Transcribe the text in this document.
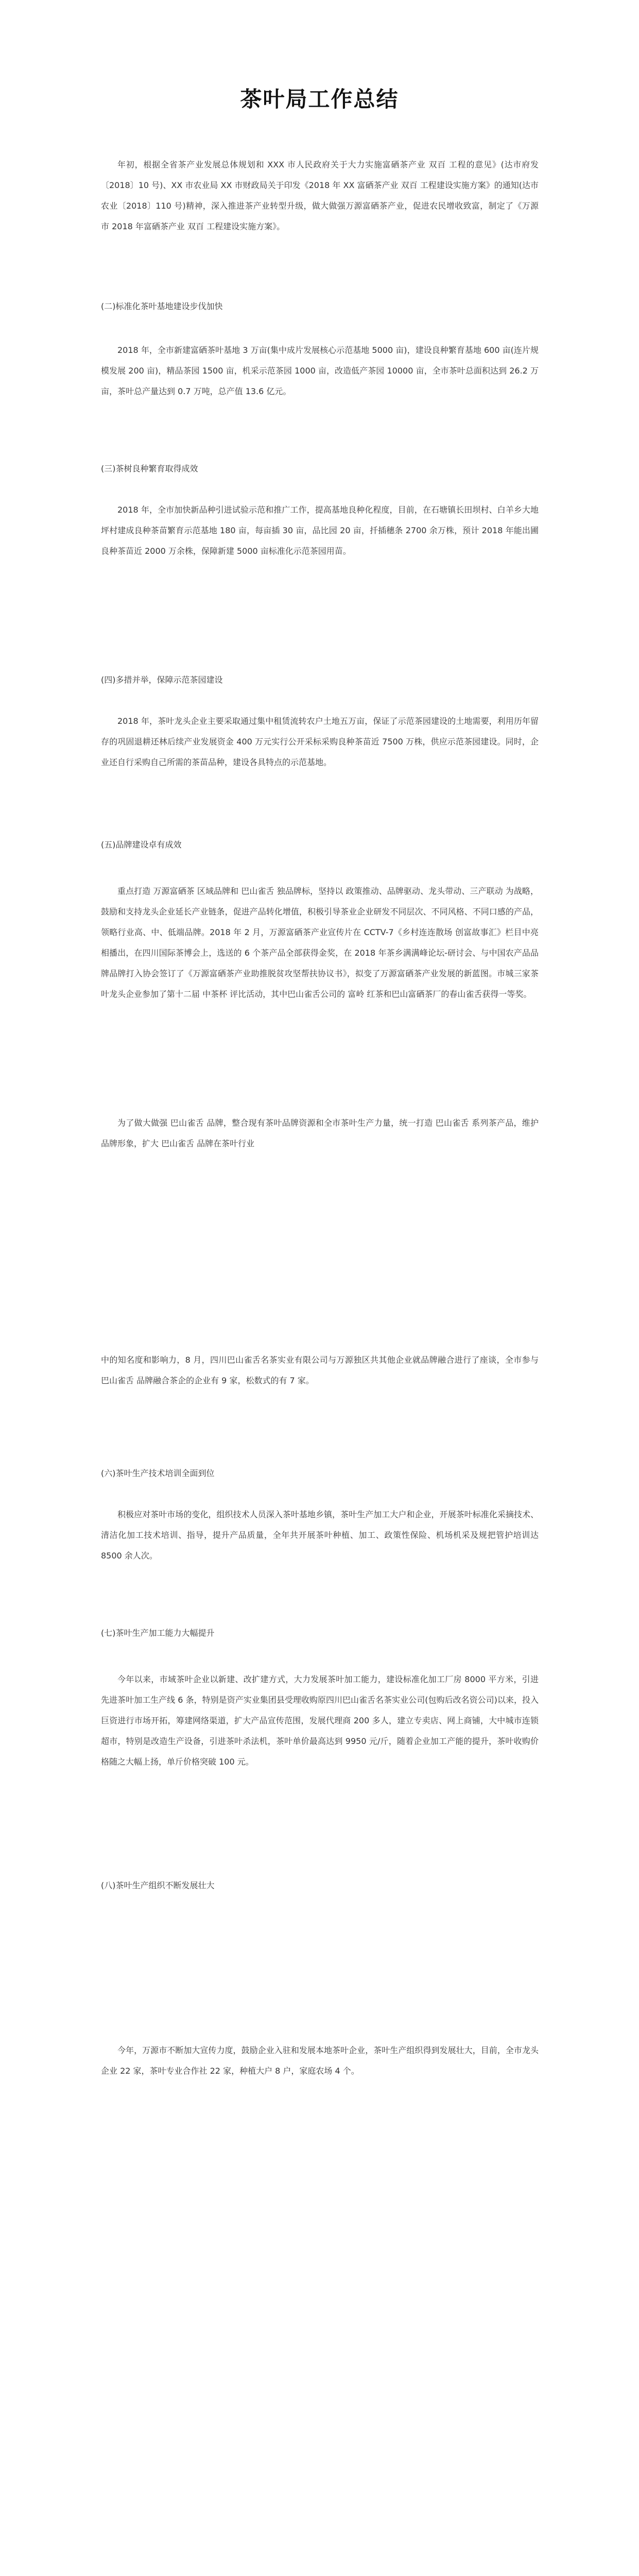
茶叶局工作总结

年初，根据全省茶产业发展总体规划和 XXX 市人民政府关于大力实施富硒茶产业 双百 工程的意见》(达市府发〔2018〕10 号)、XX 市农业局 XX 市财政局关于印发《2018 年 XX 富硒茶产业 双百 工程建设实施方案》的通知(达市农业〔2018〕110 号)精神，深入推进茶产业转型升级，做大做强万源富硒茶产业，促进农民增收致富，制定了《万源市 2018 年富硒茶产业 双百 工程建设实施方案》。

(二)标准化茶叶基地建设步伐加快

2018 年，全市新建富硒茶叶基地 3 万亩(集中成片发展核心示范基地 5000 亩)，建设良种繁育基地 600 亩(连片规模发展 200 亩)，精品茶园 1500 亩，机采示范茶园 1000 亩，改造低产茶园 10000 亩，全市茶叶总面积达到 26.2 万亩，茶叶总产量达到 0.7 万吨，总产值 13.6 亿元。

(三)茶树良种繁育取得成效

2018 年，全市加快新品种引进试验示范和推广工作，提高基地良种化程度，目前，在石塘镇长田坝村、白羊乡大地坪村建成良种茶苗繁育示范基地 180 亩，每亩插 30 亩，品比园 20 亩，扦插穗条 2700 余万株，预计 2018 年能出圃良种茶苗近 2000 万余株，保障新建 5000 亩标准化示范茶园用苗。

(四)多措并举，保障示范茶园建设

2018 年，茶叶龙头企业主要采取通过集中租赁流转农户土地五万亩，保证了示范茶园建设的土地需要，利用历年留存的巩固退耕还林后续产业发展资金 400 万元实行公开采标采购良种茶苗近 7500 万株，供应示范茶园建设。同时，企业还自行采购自己所需的茶苗品种，建设各具特点的示范基地。

(五)品牌建设卓有成效

重点打造 万源富硒茶 区域品牌和 巴山雀舌 独品牌标，坚持以 政策推动、品牌驱动、龙头带动、三产联动 为战略，鼓励和支持龙头企业延长产业链条，促进产品转化增值，积极引导茶业企业研发不同层次、不同风格、不同口感的产品，领略行业高、中、低端品牌。2018 年 2 月，万源富硒茶产业宣传片在 CCTV-7《乡村连连散场 创富故事汇》栏目中亮相播出，在四川国际茶博会上，选送的 6 个茶产品全部获得金奖，在 2018 年茶乡满满峰论坛-研讨会、与中国农产品品牌品牌打入协会签订了《万源富硒茶产业助推脱贫攻坚帮扶协议书》，拟变了万源富硒茶产业发展的新蓝图。市城三家茶叶龙头企业参加了第十二届 中茶杯 评比活动，其中巴山雀舌公司的 富岭 红茶和巴山富硒茶厂的春山雀舌获得一等奖。

为了做大做强 巴山雀舌 品牌，整合现有茶叶品牌资源和全市茶叶生产力量，统一打造 巴山雀舌 系列茶产品，维护品牌形象，扩大 巴山雀舌 品牌在茶叶行业

中的知名度和影响力，8 月，四川巴山雀舌名茶实业有限公司与万源独区共其他企业就品牌融合进行了座谈，全市参与 巴山雀舌 品牌融合茶企的企业有 9 家，松数式的有 7 家。

(六)茶叶生产技术培训全面到位

积极应对茶叶市场的变化，组织技术人员深入茶叶基地乡镇，茶叶生产加工大户和企业，开展茶叶标准化采摘技术、清洁化加工技术培训、指导，提升产品质量，全年共开展茶叶种植、加工、政策性保险、机场机采及规把管护培训达 8500 余人次。

(七)茶叶生产加工能力大幅提升

今年以来，市域茶叶企业以新建、改扩建方式，大力发展茶叶加工能力，建设标准化加工厂房 8000 平方米，引进先进茶叶加工生产线 6 条，特别是资产实业集团县受理收购原四川巴山雀舌名茶实业公司(包购后改名资公司)以来，投入巨资进行市场开拓，筹建网络渠道，扩大产品宣传范围，发展代理商 200 多人，建立专卖店、网上商铺，大中城市连锁超市，特别是改造生产设备，引进茶叶杀法机，茶叶单价最高达到 9950 元/斤，随着企业加工产能的提升，茶叶收购价格随之大幅上扬，单斤价格突破 100 元。

(八)茶叶生产组织不断发展壮大

今年，万源市不断加大宣传力度，鼓励企业入驻和发展本地茶叶企业，茶叶生产组织得到发展壮大，目前，全市龙头企业 22 家，茶叶专业合作社 22 家，种植大户 8 户，家庭农场 4 个。
